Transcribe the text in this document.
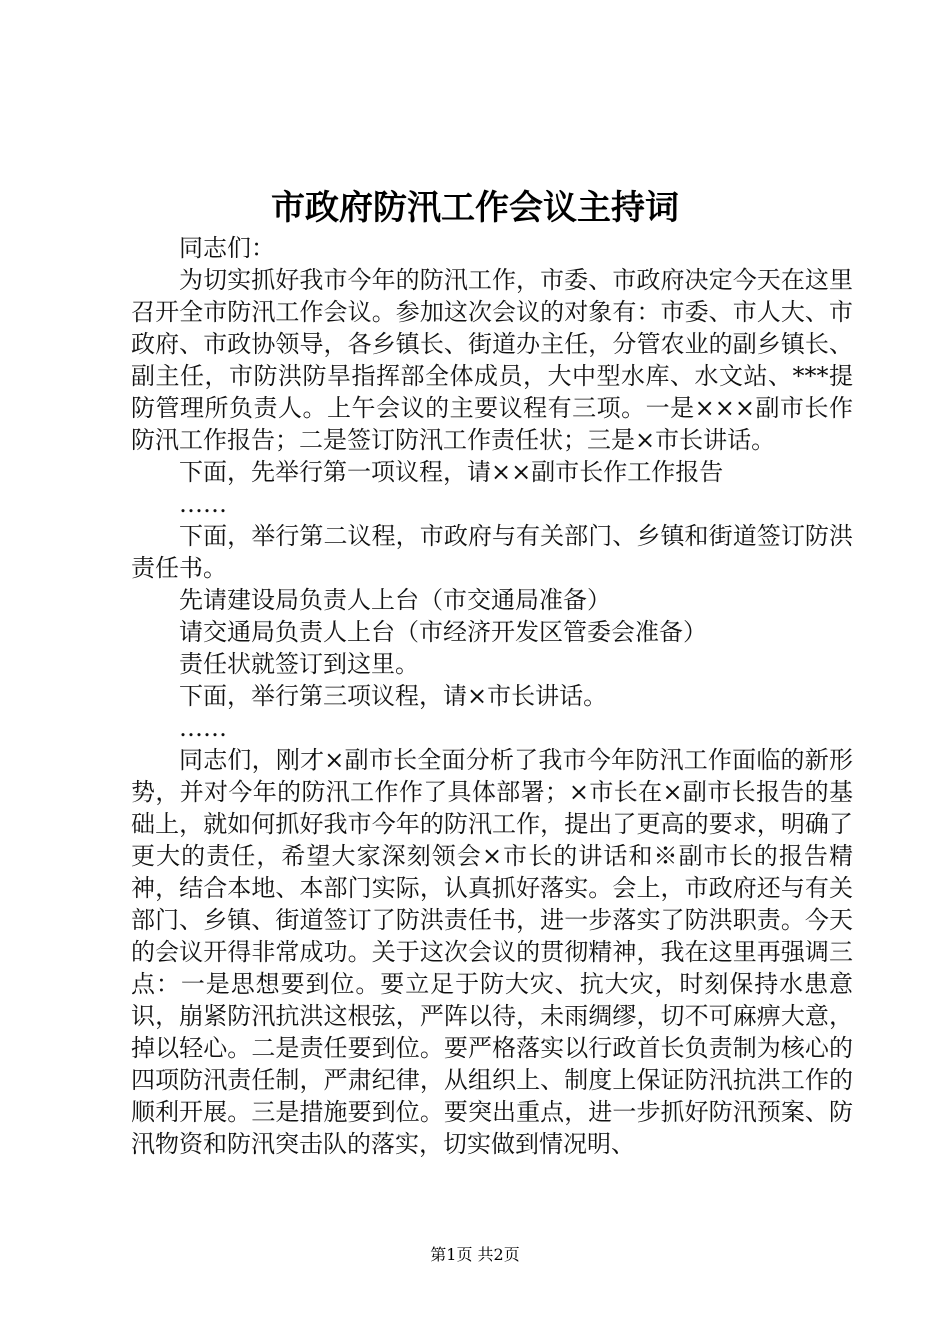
市政府防汛工作会议主持词

同志们：

为切实抓好我市今年的防汛工作，市委、市政府决定今天在这里召开全市防汛工作会议。参加这次会议的对象有：市委、市人大、市政府、市政协领导，各乡镇长、街道办主任，分管农业的副乡镇长、副主任，市防洪防旱指挥部全体成员，大中型水库、水文站、***提防管理所负责人。上午会议的主要议程有三项。一是×××副市长作防汛工作报告；二是签订防汛工作责任状；三是×市长讲话。

下面，先举行第一项议程，请××副市长作工作报告

……

下面，举行第二议程，市政府与有关部门、乡镇和街道签订防洪责任书。

先请建设局负责人上台（市交通局准备）

请交通局负责人上台（市经济开发区管委会准备）

责任状就签订到这里。

下面，举行第三项议程，请×市长讲话。

……

同志们，刚才×副市长全面分析了我市今年防汛工作面临的新形势，并对今年的防汛工作作了具体部署；×市长在×副市长报告的基础上，就如何抓好我市今年的防汛工作，提出了更高的要求，明确了更大的责任，希望大家深刻领会×市长的讲话和※副市长的报告精神，结合本地、本部门实际，认真抓好落实。会上，市政府还与有关部门、乡镇、街道签订了防洪责任书，进一步落实了防洪职责。今天的会议开得非常成功。关于这次会议的贯彻精神，我在这里再强调三点：一是思想要到位。要立足于防大灾、抗大灾，时刻保持水患意识，崩紧防汛抗洪这根弦，严阵以待，未雨绸缪，切不可麻痹大意，掉以轻心。二是责任要到位。要严格落实以行政首长负责制为核心的四项防汛责任制，严肃纪律，从组织上、制度上保证防汛抗洪工作的顺利开展。三是措施要到位。要突出重点，进一步抓好防汛预案、防汛物资和防汛突击队的落实，切实做到情况明、

第1页 共2页
